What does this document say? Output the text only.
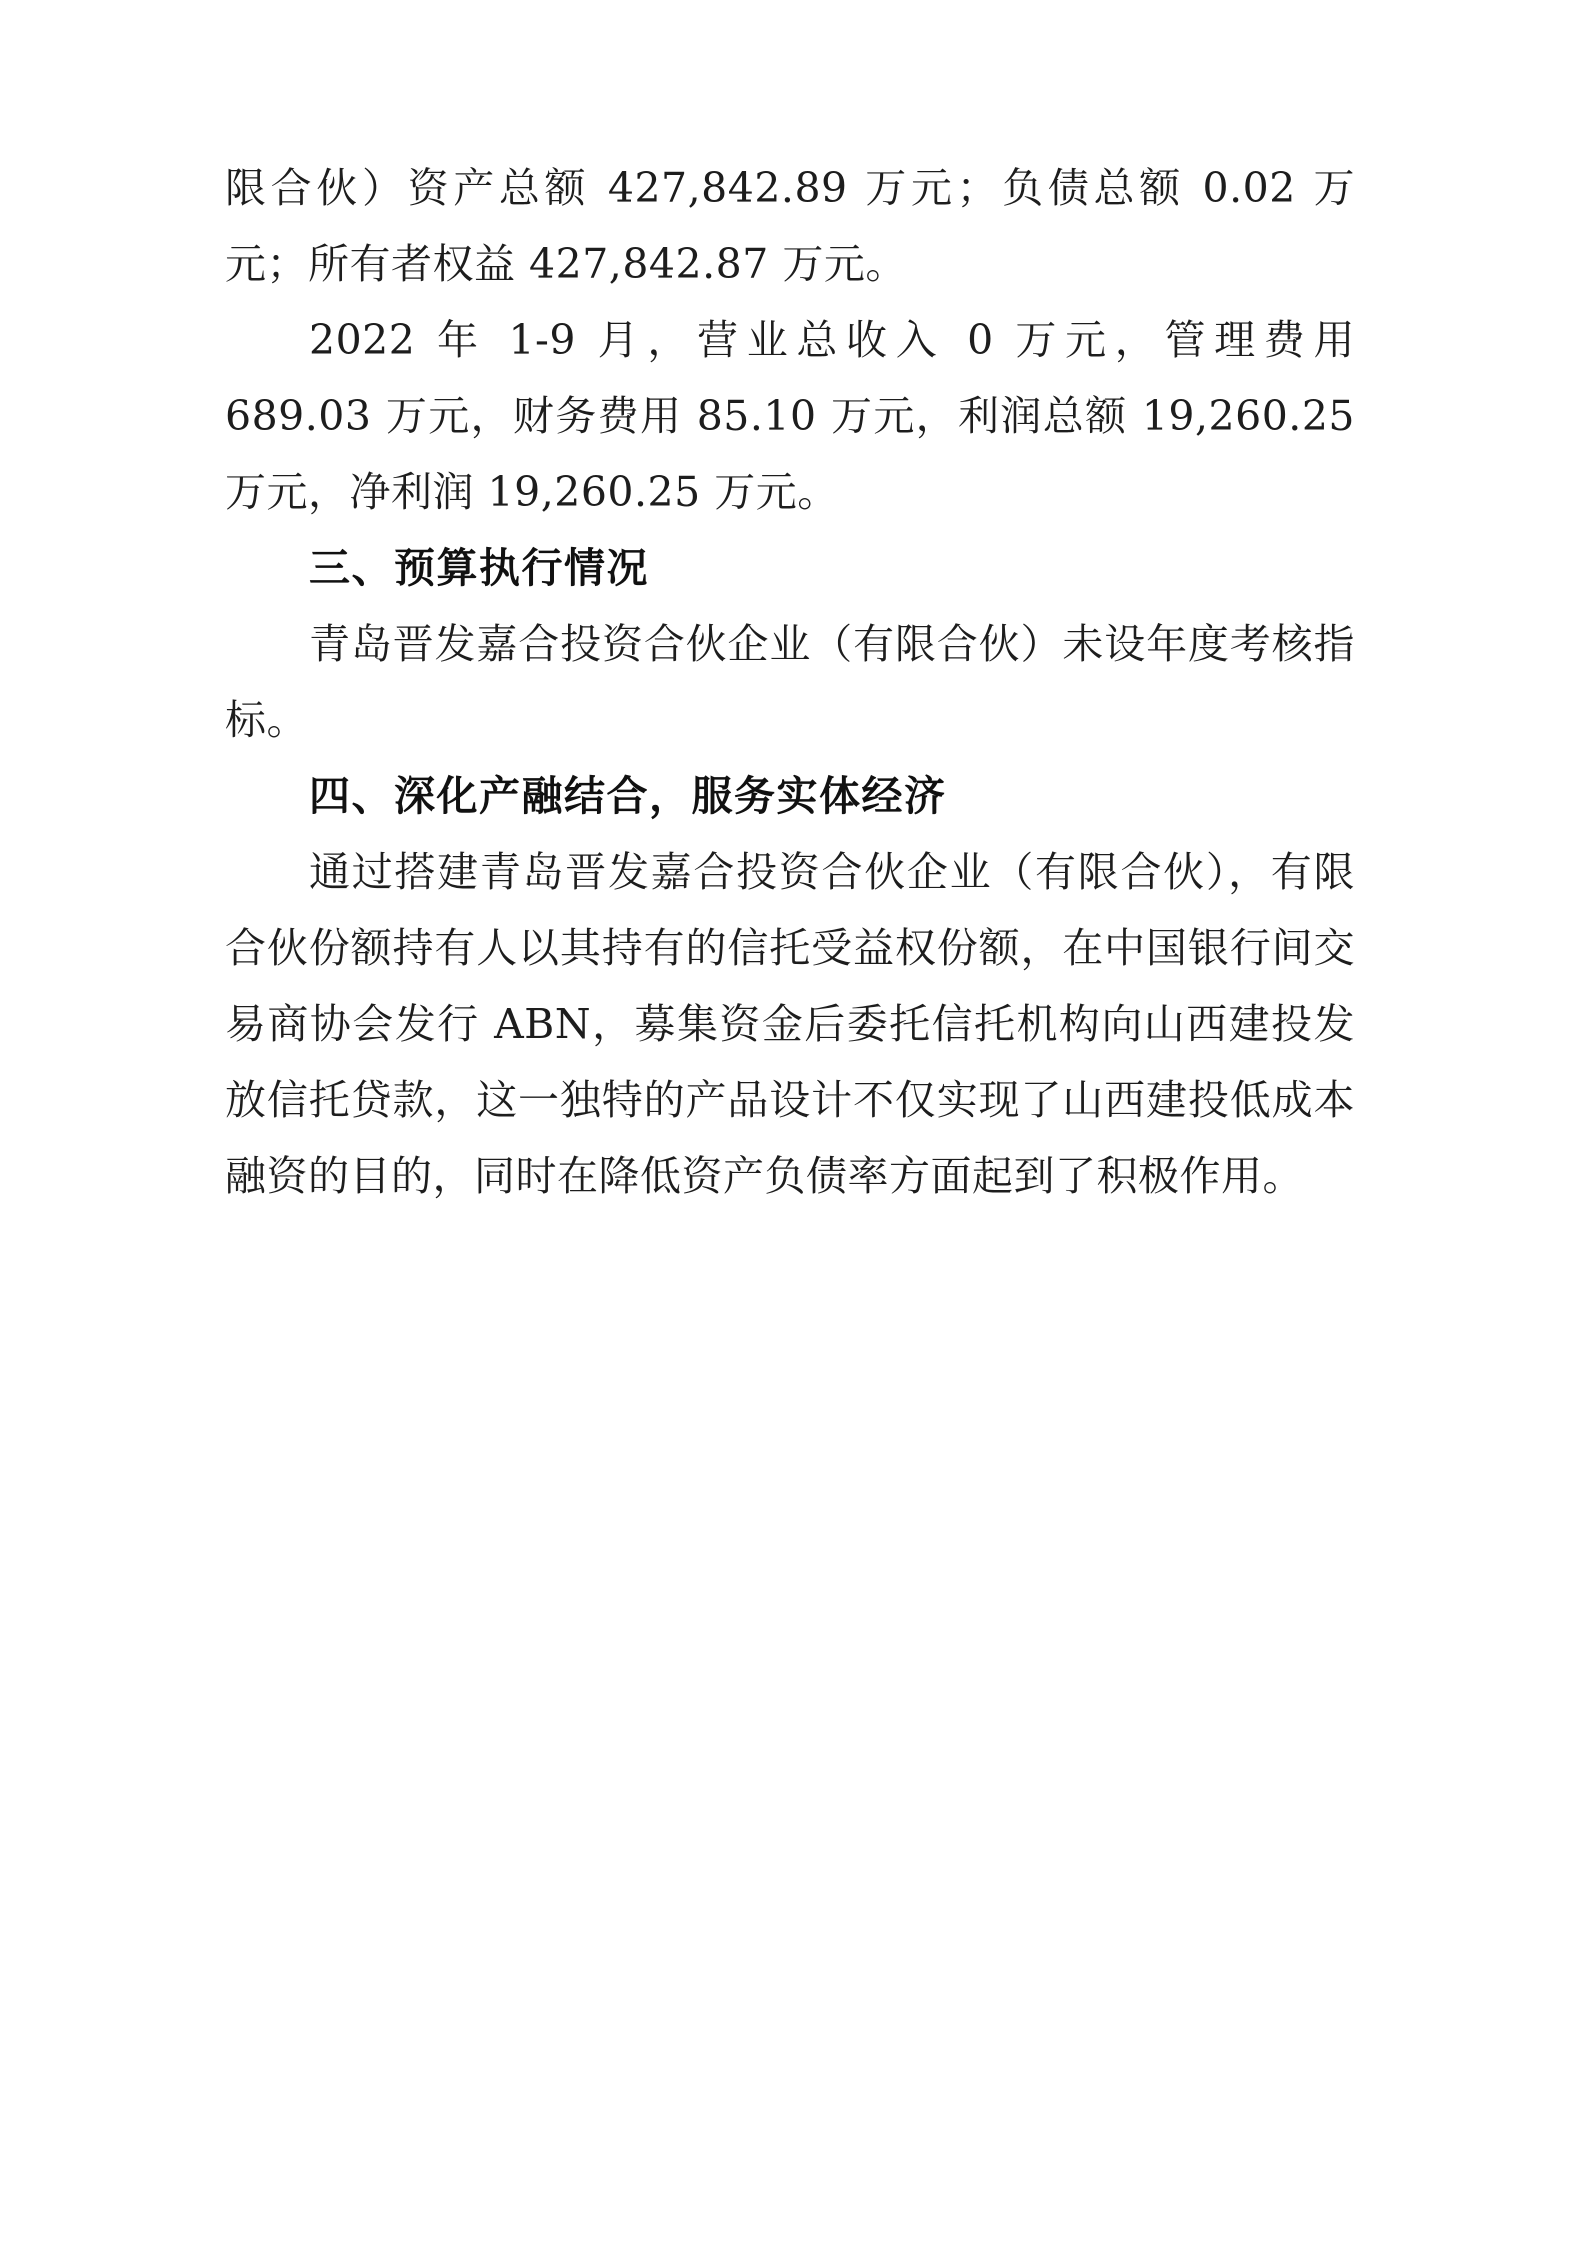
限合伙）资产总额 427,842.89 万元；负债总额 0.02 万元；所有者权益 427,842.87 万元。

2022 年 1-9 月，营业总收入 0 万元，管理费用 689.03 万元，财务费用 85.10 万元，利润总额 19,260.25 万元，净利润 19,260.25 万元。

三、预算执行情况

青岛晋发嘉合投资合伙企业（有限合伙）未设年度考核指标。

四、深化产融结合，服务实体经济

通过搭建青岛晋发嘉合投资合伙企业（有限合伙），有限合伙份额持有人以其持有的信托受益权份额，在中国银行间交易商协会发行 ABN，募集资金后委托信托机构向山西建投发放信托贷款，这一独特的产品设计不仅实现了山西建投低成本融资的目的，同时在降低资产负债率方面起到了积极作用。
